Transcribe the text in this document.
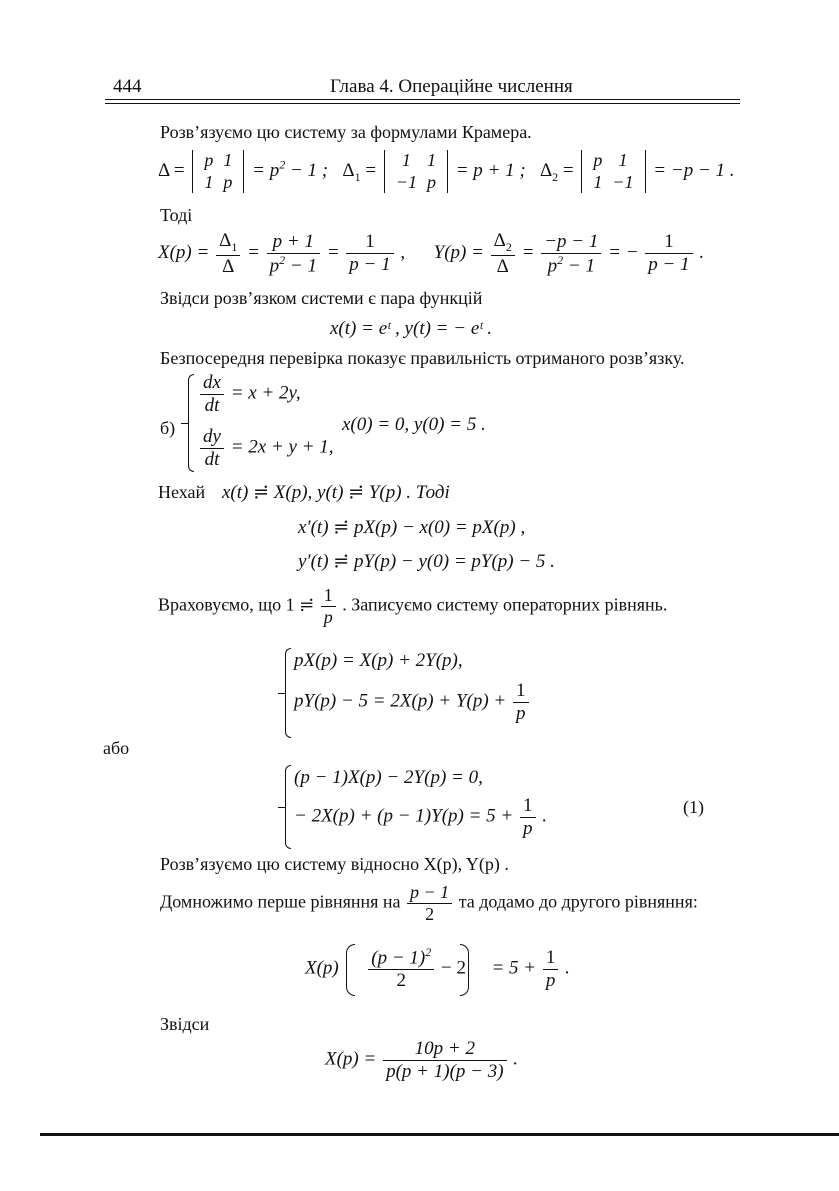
444	Глава 4. Операційне числення
Розв’язуємо цю систему за формулами Крамера.
Δ = p	1
1	p
= $p^2 - 1$ ; $\Delta_1 = 1$	1
−1	p
= p + 1 ; $\Delta_2 = p$	1
1	−1
= −p − 1 .
Тоді
$X(p) = \frac{\Delta_1}{\Delta} = \frac{p + 1}{p^2 - 1} = \frac{1}{p - 1}$ ,      $Y(p) = \frac{\Delta_2}{\Delta} = \frac{-p - 1}{p^2 - 1}$ = − $\frac{1}{p - 1}$ .
Звідси розв’язком системи є пара функцій
x(t) = eᵗ , y(t) = − eᵗ .
Безпосередня перевірка показує правильність отриманого розв’язку.
б)
$\frac{dx}{dt} = x + 2y$,
$\frac{dy}{dt} = 2x + y + 1$,
x(0) = 0, y(0) = 5 .
Нехай x(t) ≓ X(p), y(t) ≓ Y(p) . Тоді
x′(t) ≓ pX(p) − x(0) = pX(p) ,
y′(t) ≓ pY(p) − y(0) = pY(p) − 5 .
Враховуємо, що 1 ≓ $\frac{1}{p}$ . Записуємо систему операторних рівнянь.
pX(p) = X(p) + 2Y(p),
$pY(p) - 5 = 2X(p) + Y(p) + \frac{1}{p}$
або
(p − 1)X(p) − 2Y(p) = 0,
− $2X(p) + (p - 1)Y(p) = 5 + \frac{1}{p}$ .	(1)
Розв’язуємо цю систему відносно X(p), Y(p) .
Домножимо перше рівняння на $\frac{p - 1}{2}$ та додамо до другого рівняння:
$X(p) \frac{(p - 1)^2}{2} - 2 = 5 + \frac{1}{p}$ .
Звідси
$X(p) = \frac{10p + 2}{p(p + 1)(p - 3)}$ .
